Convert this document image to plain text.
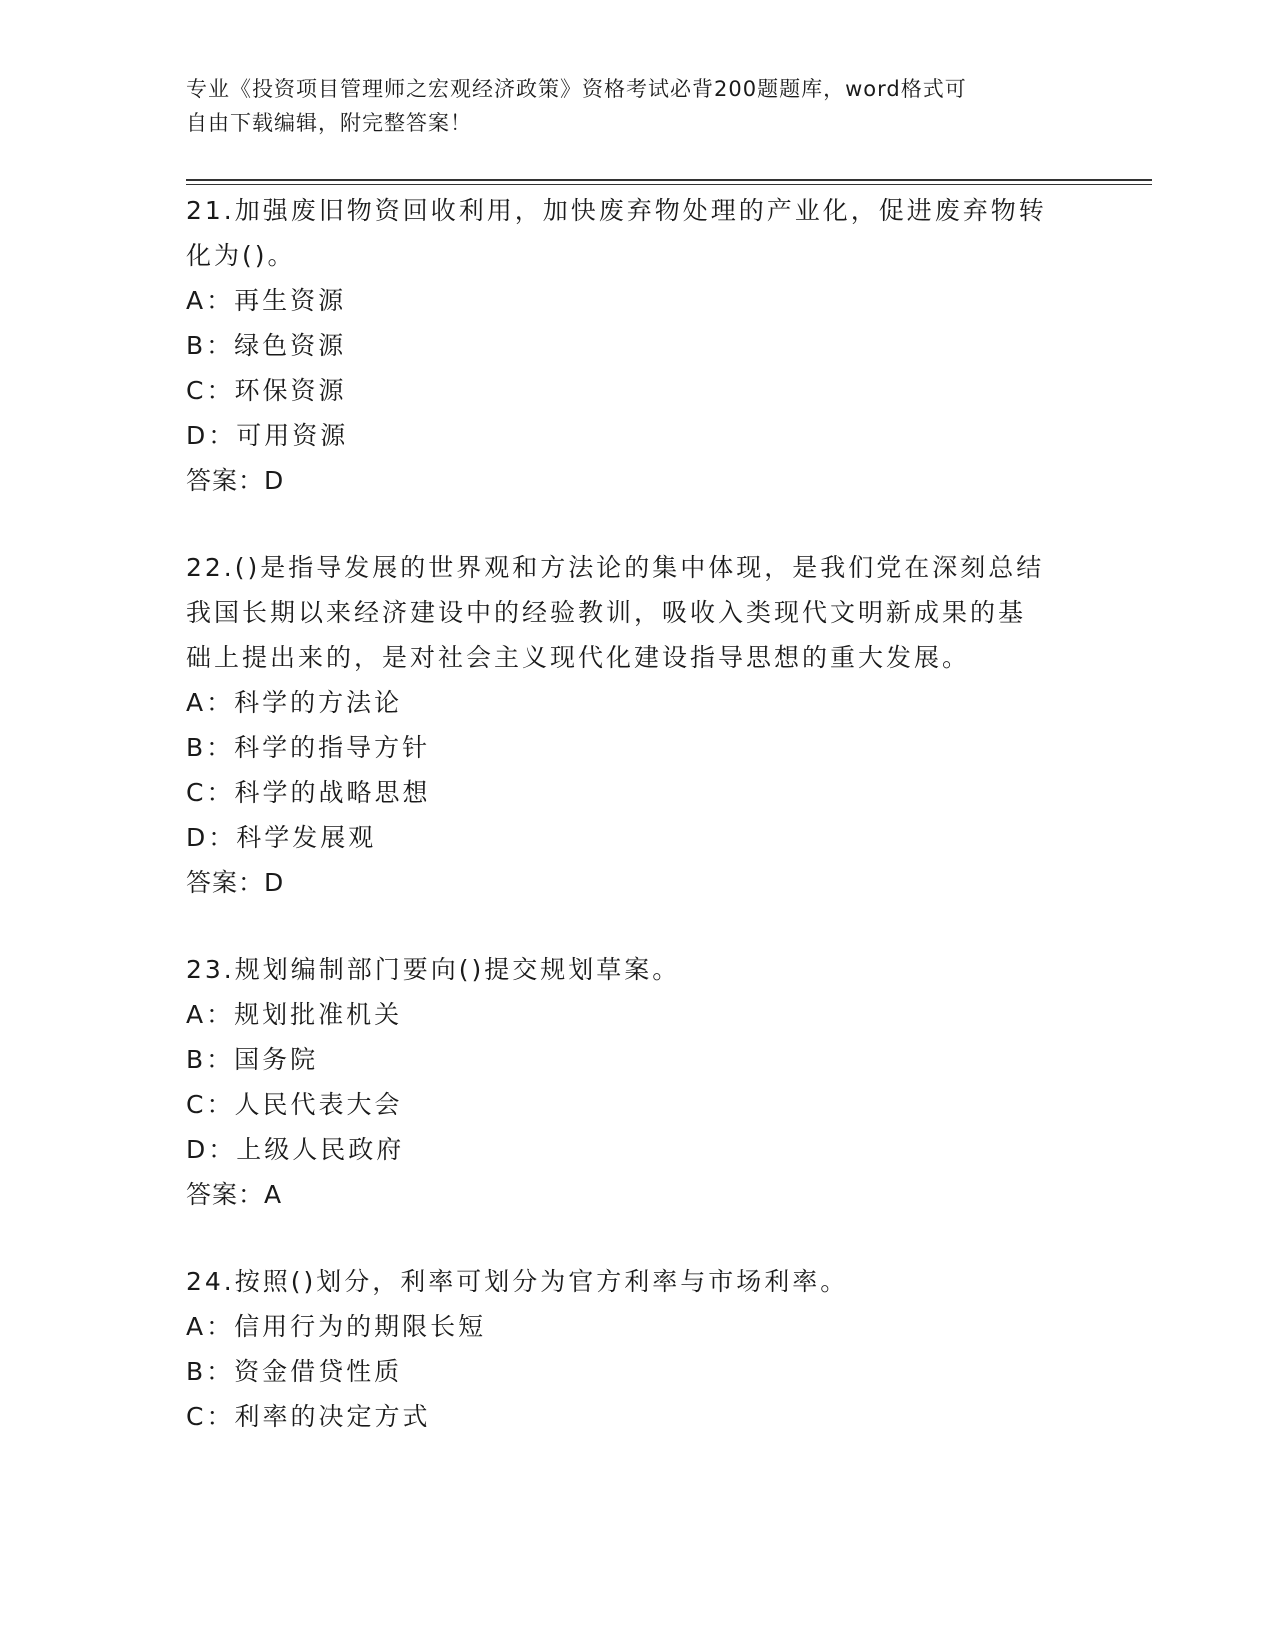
专业《投资项目管理师之宏观经济政策》资格考试必背200题题库，word格式可
自由下载编辑，附完整答案！
21.加强废旧物资回收利用，加快废弃物处理的产业化，促进废弃物转
化为()。
A：再生资源
B：绿色资源
C：环保资源
D：可用资源
答案：D
22.()是指导发展的世界观和方法论的集中体现，是我们党在深刻总结
我国长期以来经济建设中的经验教训，吸收入类现代文明新成果的基
础上提出来的，是对社会主义现代化建设指导思想的重大发展。
A：科学的方法论
B：科学的指导方针
C：科学的战略思想
D：科学发展观
答案：D
23.规划编制部门要向()提交规划草案。
A：规划批准机关
B：国务院
C：人民代表大会
D：上级人民政府
答案：A
24.按照()划分，利率可划分为官方利率与市场利率。
A：信用行为的期限长短
B：资金借贷性质
C：利率的决定方式
